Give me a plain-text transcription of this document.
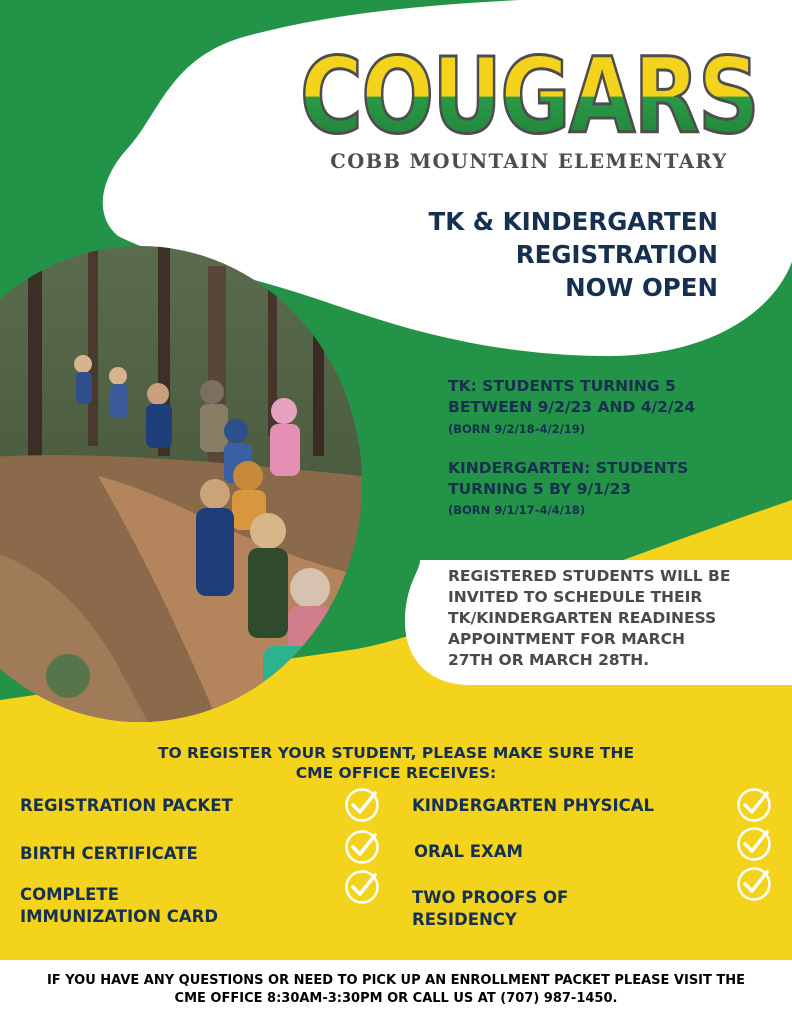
COUGARS
COBB MOUNTAIN ELEMENTARY
TK & KINDERGARTEN
REGISTRATION
NOW OPEN
TK: STUDENTS TURNING 5
BETWEEN 9/2/23 AND 4/2/24
(BORN 9/2/18-4/2/19)
KINDERGARTEN: STUDENTS
TURNING 5 BY 9/1/23
(BORN 9/1/17-4/4/18)
REGISTERED STUDENTS WILL BE
INVITED TO SCHEDULE THEIR
TK/KINDERGARTEN READINESS
APPOINTMENT FOR MARCH
27TH OR MARCH 28TH.
TO REGISTER YOUR STUDENT, PLEASE MAKE SURE THE
CME OFFICE RECEIVES:
REGISTRATION PACKET
BIRTH CERTIFICATE
COMPLETE
IMMUNIZATION CARD
KINDERGARTEN PHYSICAL
ORAL EXAM
TWO PROOFS OF
RESIDENCY
IF YOU HAVE ANY QUESTIONS OR NEED TO PICK UP AN ENROLLMENT PACKET PLEASE VISIT THE
CME OFFICE 8:30AM-3:30PM OR CALL US AT (707) 987-1450.
